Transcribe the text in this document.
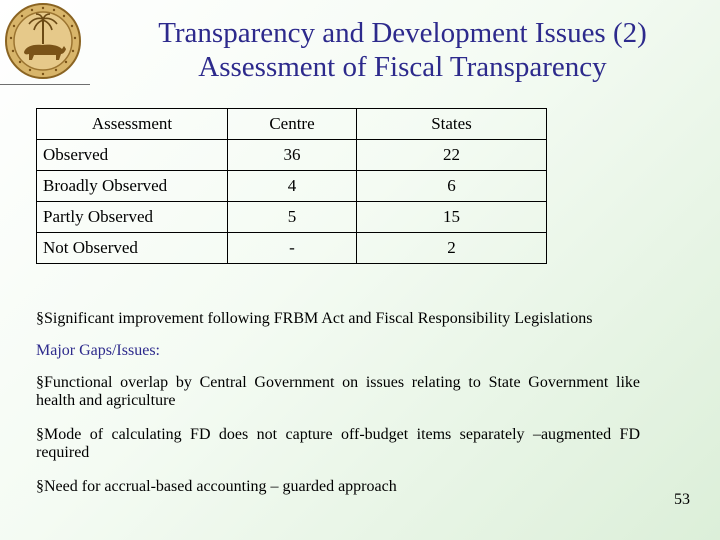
Transparency and Development Issues (2)
Assessment of Fiscal Transparency
Assessment	Centre	States
Observed	36	22
Broadly Observed	4	6
Partly Observed	5	15
Not Observed	-	2
§Significant improvement following FRBM Act and Fiscal Responsibility Legislations
Major Gaps/Issues:
§Functional overlap by Central Government on issues relating to State Government like health and agriculture
§Mode of calculating FD does not capture off-budget items separately –augmented FD required
§Need for accrual-based accounting – guarded approach
53
